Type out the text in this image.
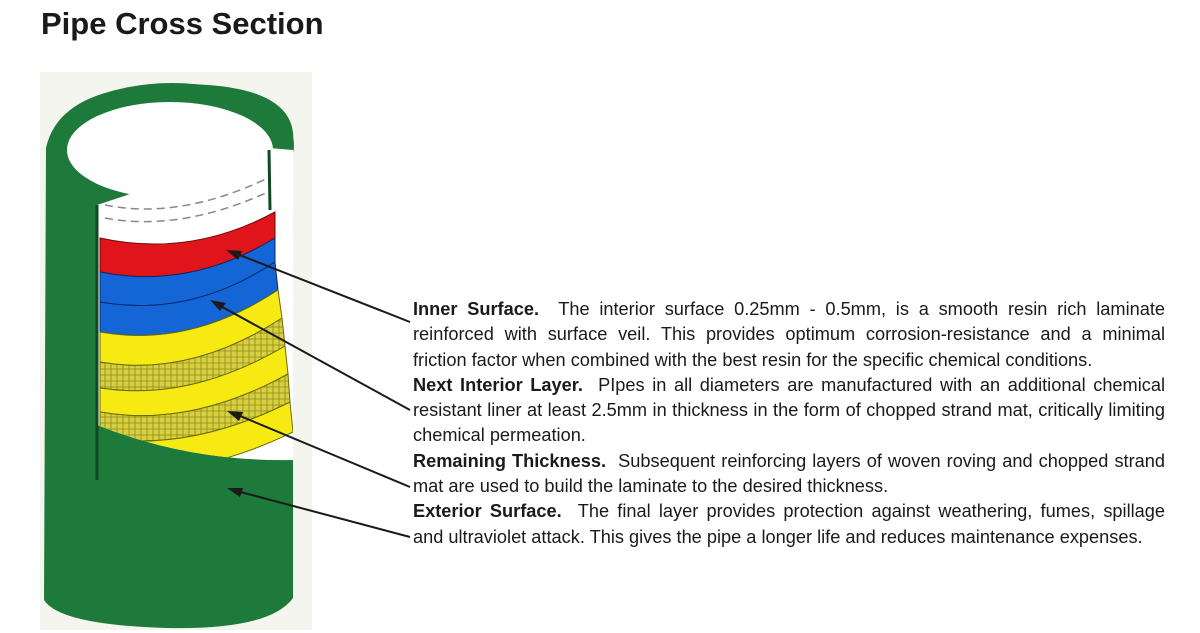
Pipe Cross Section

Inner Surface. The interior surface 0.25mm - 0.5mm, is a smooth resin rich laminate reinforced with surface veil. This provides optimum corrosion-resistance and a minimal friction factor when combined with the best resin for the specific chemical conditions.

Next Interior Layer. PIpes in all diameters are manufactured with an additional chemical resistant liner at least 2.5mm in thickness in the form of chopped strand mat, critically limiting chemical permeation.

Remaining Thickness. Subsequent reinforcing layers of woven roving and chopped strand mat are used to build the laminate to the desired thickness.

Exterior Surface. The final layer provides protection against weathering, fumes, spillage and ultraviolet attack. This gives the pipe a longer life and reduces maintenance expenses.
